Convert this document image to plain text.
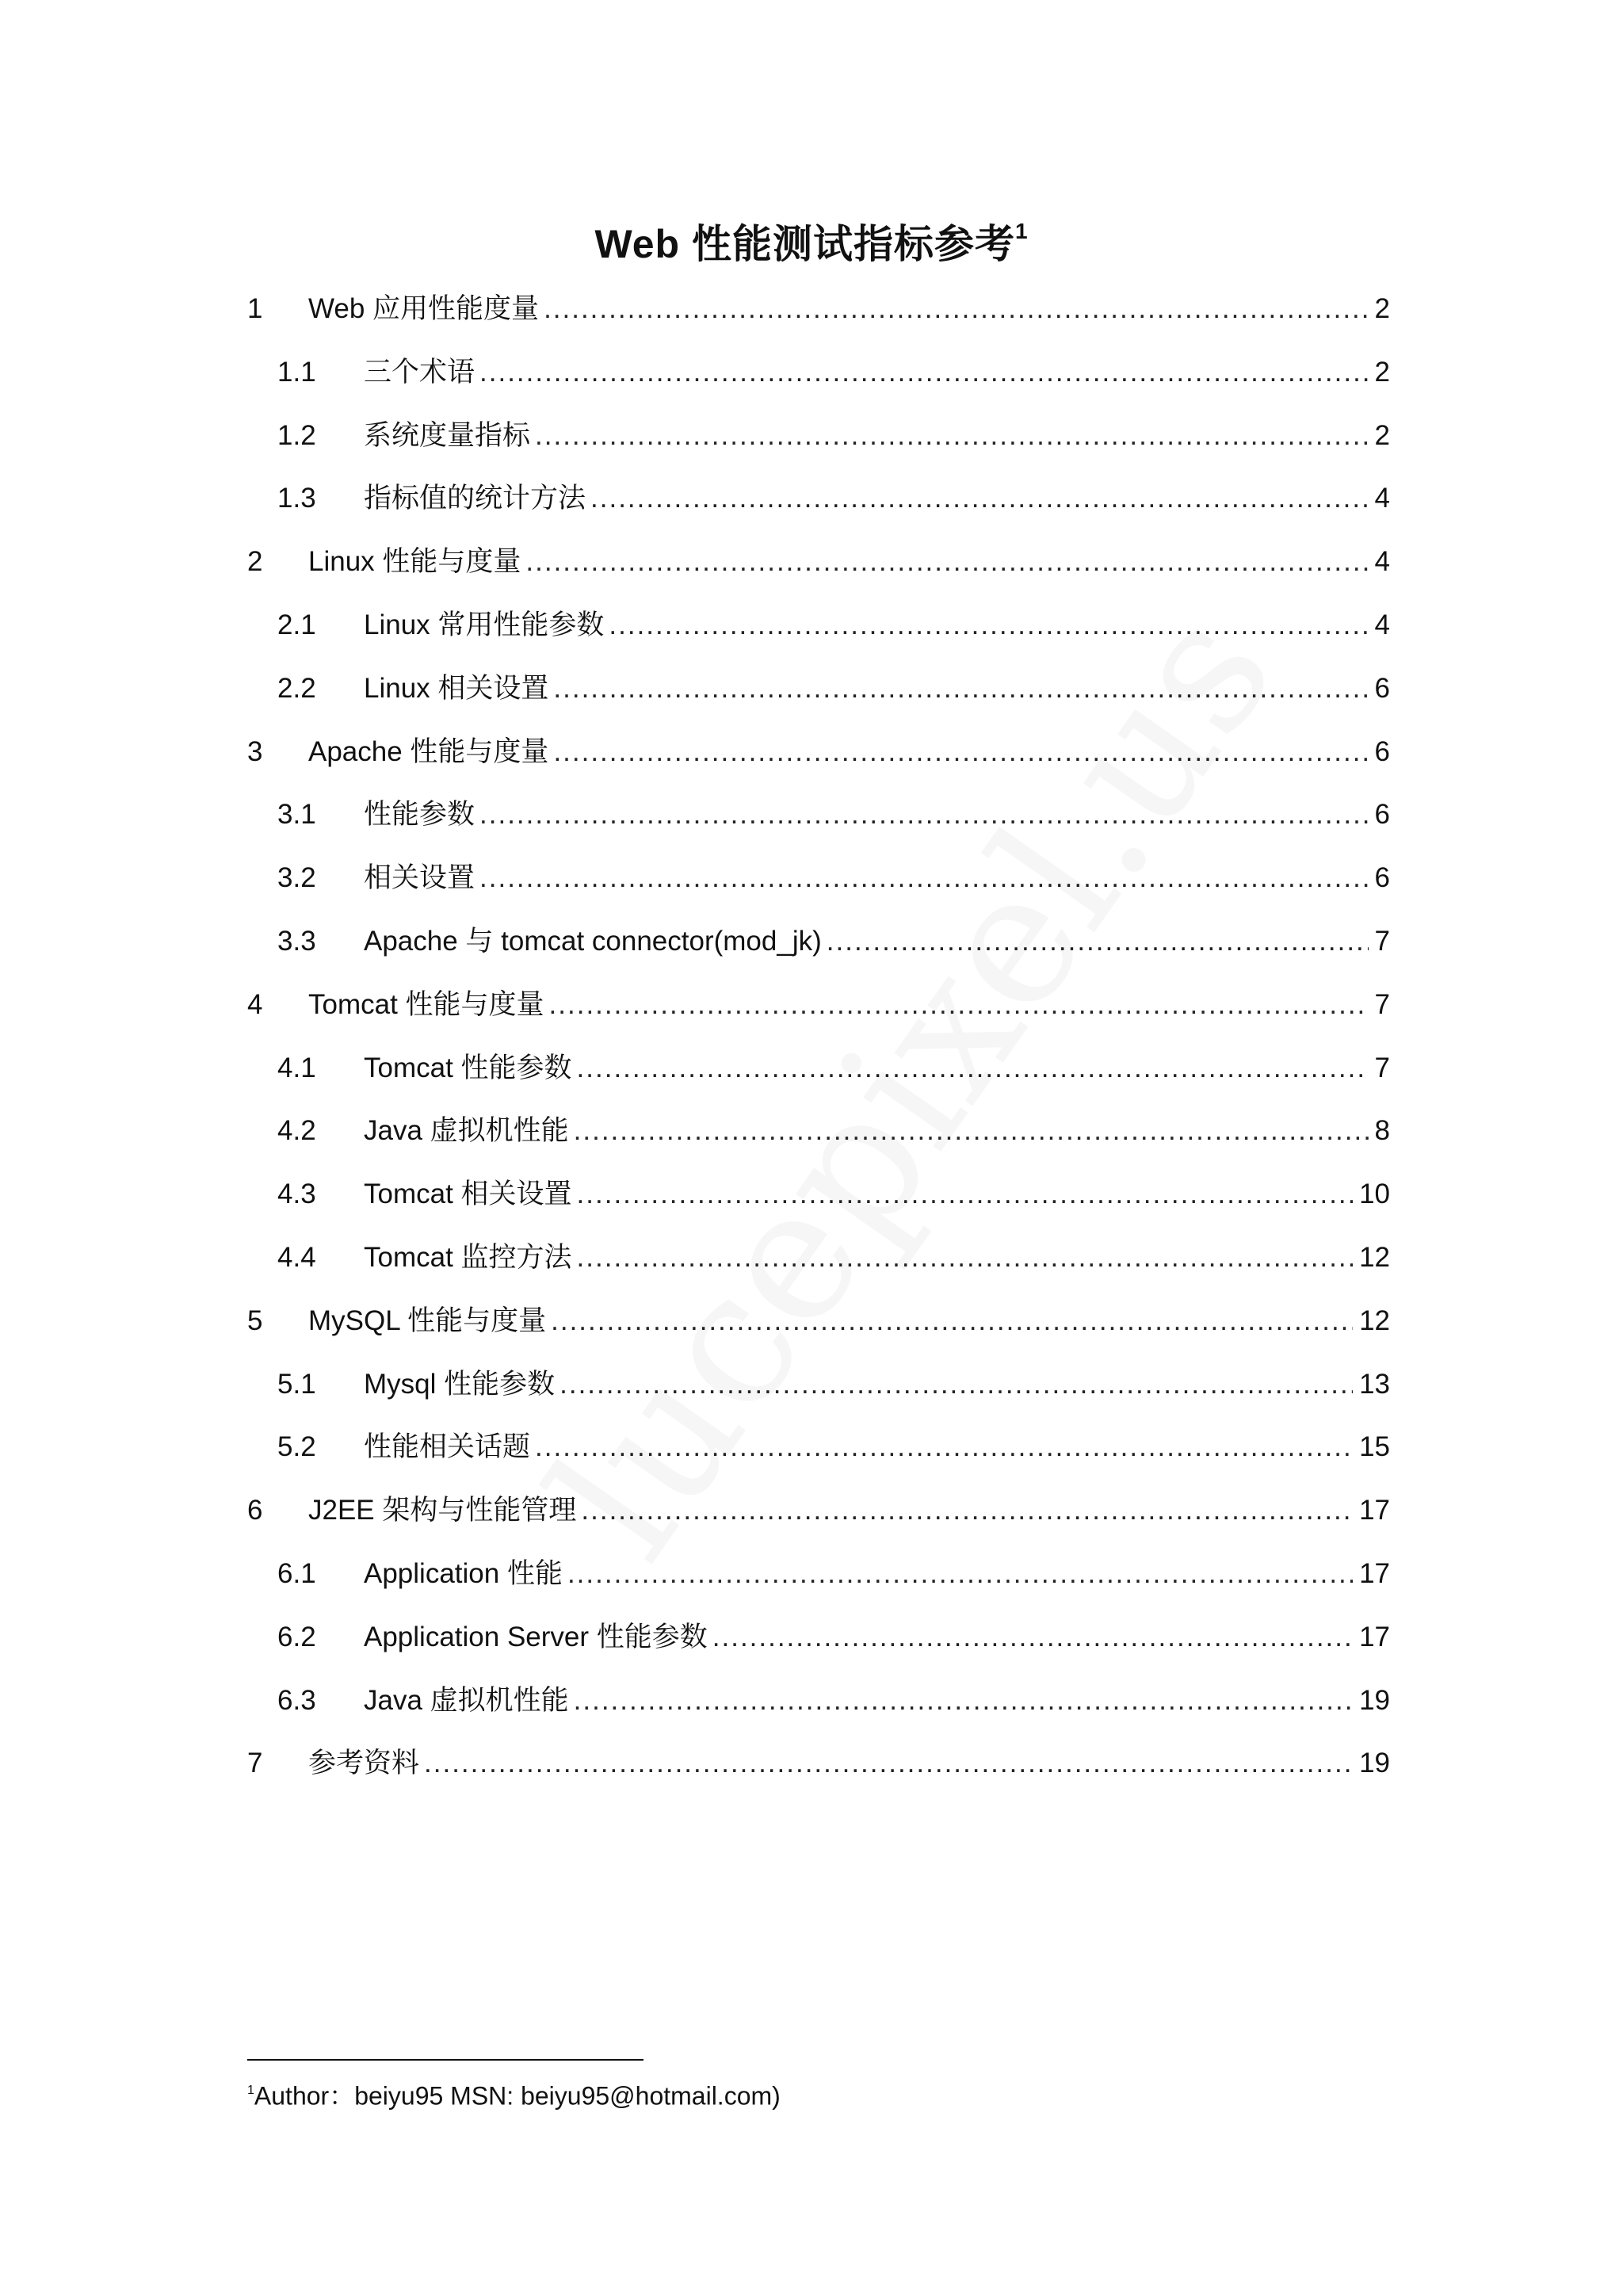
Web 性能测试指标参考$^1$
1	Web 应用性能度量 .....	2
1.1	三个术语 .....	2
1.2	系统度量指标 .....	2
1.3	指标值的统计方法 .....	4
2	Linux 性能与度量 .....	4
2.1	Linux 常用性能参数 .....	4
2.2	Linux 相关设置 .....	6
3	Apache 性能与度量 .....	6
3.1	性能参数 .....	6
3.2	相关设置 .....	6
3.3	Apache 与 tomcat connector(mod_jk) .....	7
4	Tomcat 性能与度量 .....	7
4.1	Tomcat 性能参数 .....	7
4.2	Java 虚拟机性能 .....	8
4.3	Tomcat 相关设置 .....	10
4.4	Tomcat 监控方法 .....	12
5	MySQL 性能与度量 .....	12
5.1	Mysql 性能参数 .....	13
5.2	性能相关话题 .....	15
6	J2EE 架构与性能管理 .....	17
6.1	Application 性能 .....	17
6.2	Application Server 性能参数 .....	17
6.3	Java 虚拟机性能 .....	19
7	参考资料 .....	19
$^1$Author：beiyu95 MSN: beiyu95@hotmail.com)
